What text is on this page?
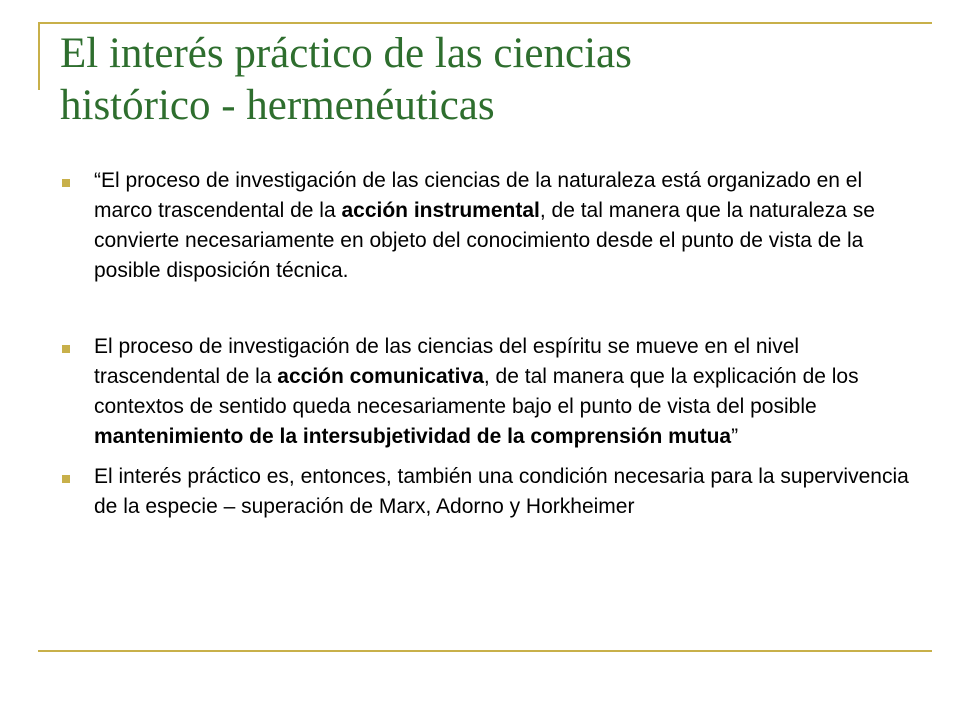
El interés práctico de las ciencias
histórico - hermenéuticas
“El proceso de investigación de las ciencias de la naturaleza está organizado en el marco trascendental de la acción instrumental, de tal manera que la naturaleza se convierte necesariamente en objeto del conocimiento desde el punto de vista de la posible disposición técnica.
El proceso de investigación de las ciencias del espíritu se mueve en el nivel trascendental de la acción comunicativa, de tal manera que la explicación de los contextos de sentido queda necesariamente bajo el punto de vista del posible mantenimiento de la intersubjetividad de la comprensión mutua”
El interés práctico es, entonces, también una condición necesaria para la supervivencia de la especie – superación de Marx, Adorno y Horkheimer
